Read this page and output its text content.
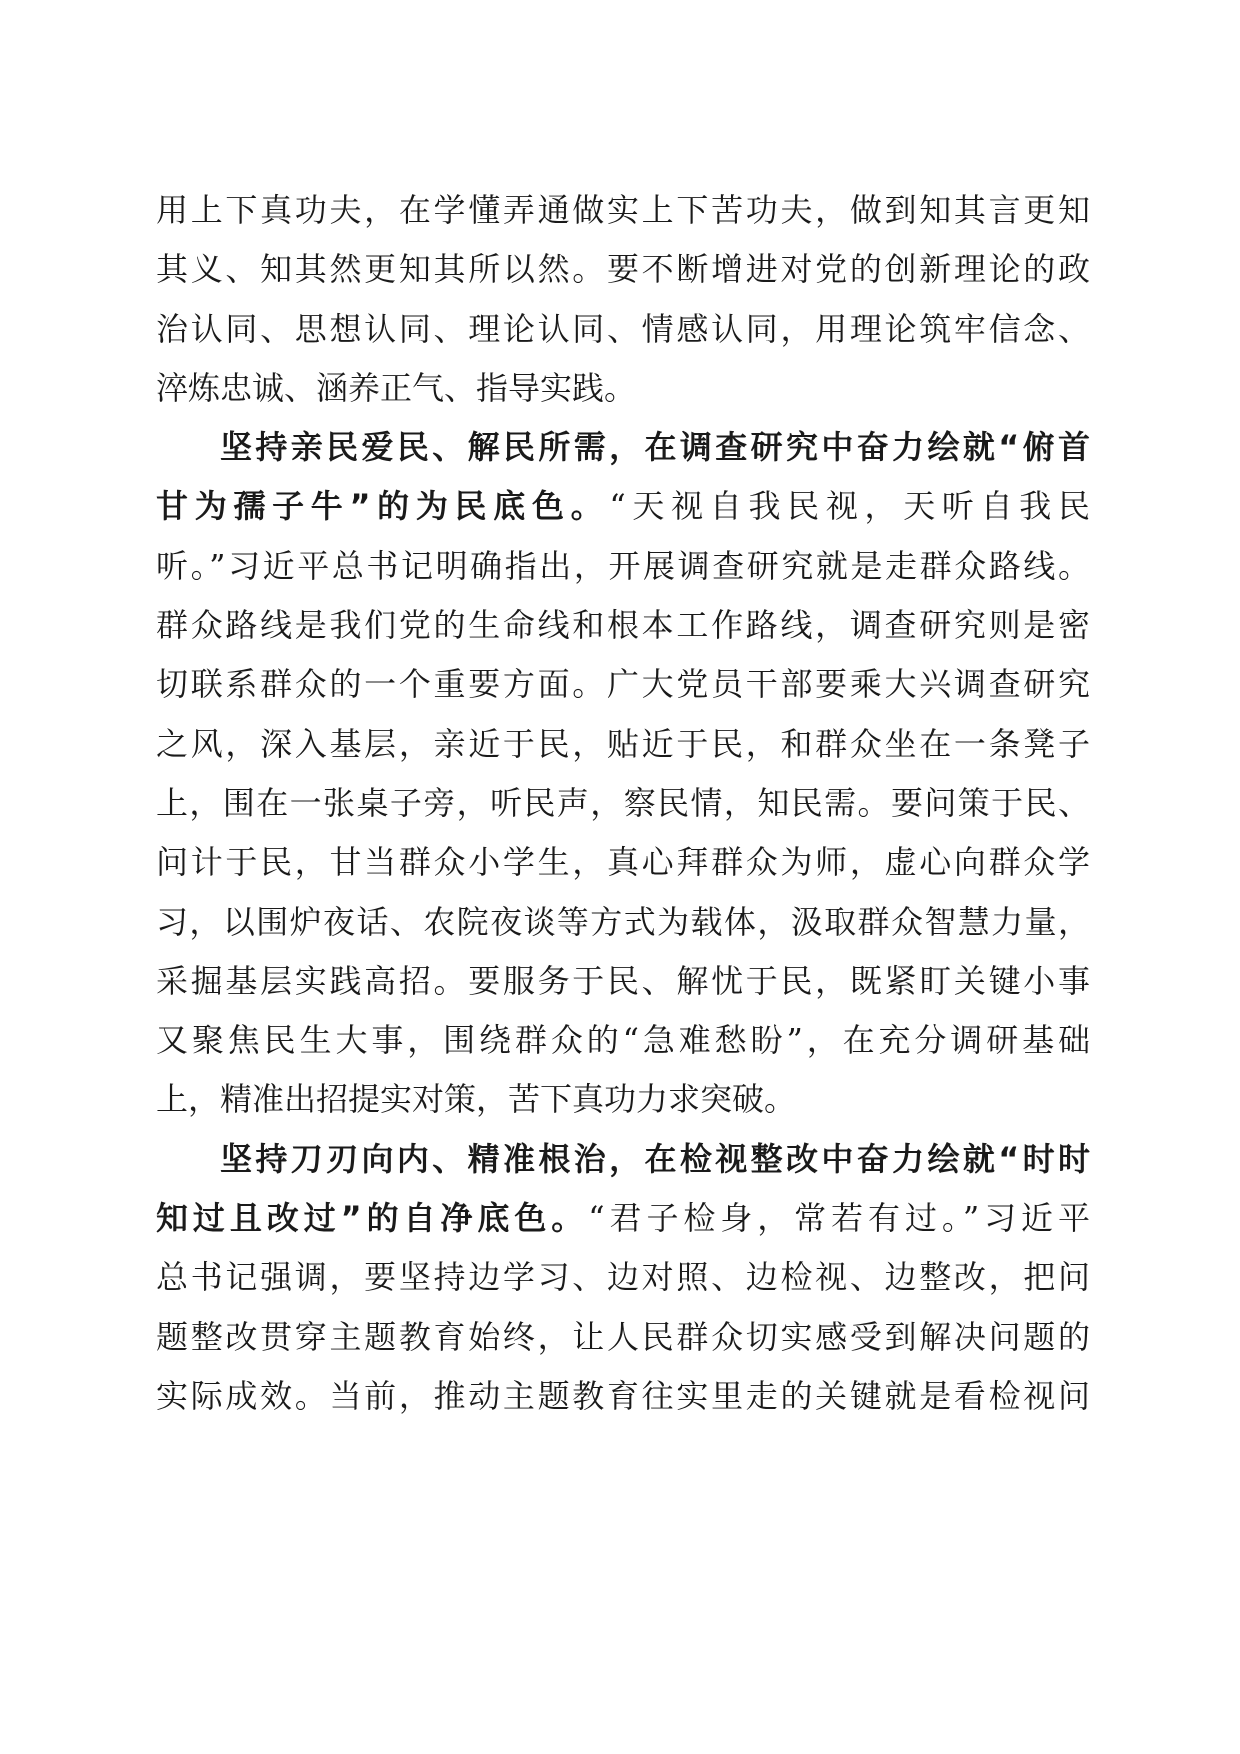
用上下真功夫，在学懂弄通做实上下苦功夫，做到知其言更知
其义、知其然更知其所以然。要不断增进对党的创新理论的政
治认同、思想认同、理论认同、情感认同，用理论筑牢信念、
淬炼忠诚、涵养正气、指导实践。
坚持亲民爱民、解民所需，在调查研究中奋力绘就“俯首
甘为孺子牛”的为民底色。“天视自我民视，天听自我民
听。”习近平总书记明确指出，开展调查研究就是走群众路线。
群众路线是我们党的生命线和根本工作路线，调查研究则是密
切联系群众的一个重要方面。广大党员干部要乘大兴调查研究
之风，深入基层，亲近于民，贴近于民，和群众坐在一条凳子
上，围在一张桌子旁，听民声，察民情，知民需。要问策于民、
问计于民，甘当群众小学生，真心拜群众为师，虚心向群众学
习，以围炉夜话、农院夜谈等方式为载体，汲取群众智慧力量，
采掘基层实践高招。要服务于民、解忧于民，既紧盯关键小事
又聚焦民生大事，围绕群众的“急难愁盼”，在充分调研基础
上，精准出招提实对策，苦下真功力求突破。
坚持刀刃向内、精准根治，在检视整改中奋力绘就“时时
知过且改过”的自净底色。“君子检身，常若有过。”习近平
总书记强调，要坚持边学习、边对照、边检视、边整改，把问
题整改贯穿主题教育始终，让人民群众切实感受到解决问题的
实际成效。当前，推动主题教育往实里走的关键就是看检视问
